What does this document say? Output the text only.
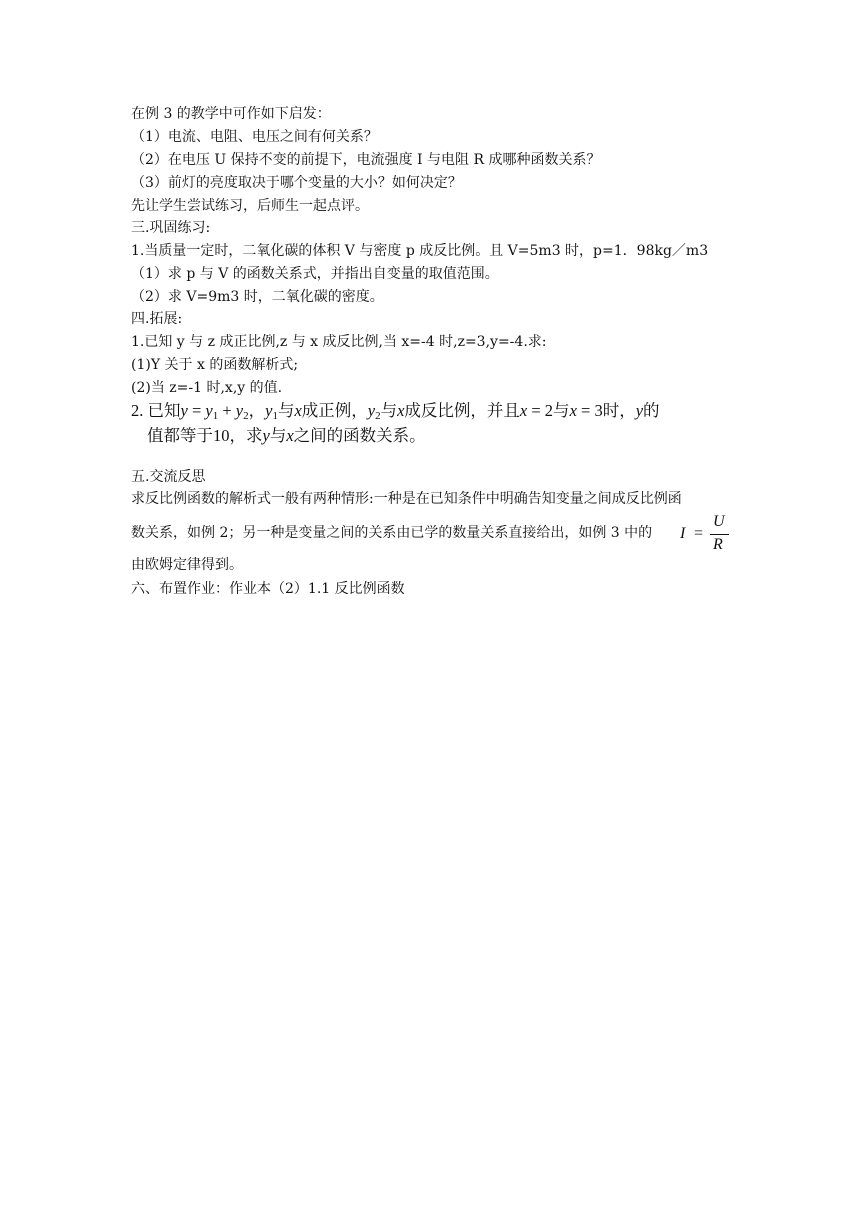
在例 3 的教学中可作如下启发：

（1）电流、电阻、电压之间有何关系？

（2）在电压 U 保持不变的前提下，电流强度 I 与电阻 R 成哪种函数关系？

（3）前灯的亮度取决于哪个变量的大小？如何决定？

先让学生尝试练习，后师生一起点评。

三.巩固练习:

1.当质量一定时，二氧化碳的体积 V 与密度 p 成反比例。且 V=5m3 时，p=1．98kg／m3

（1）求 p 与 V 的函数关系式，并指出自变量的取值范围。

（2）求 V=9m3 时，二氧化碳的密度。

四.拓展:

1.已知 y 与 z 成正比例,z 与 x 成反比例,当 x=-4 时,z=3,y=-4.求:

(1)Y 关于 x 的函数解析式;

(2)当 z=-1 时,x,y 的值.

2. 已知$y = y_1 + y_2$，$y_1$与x成正例，$y_2$与x成反比例，并且x = 2与x = 3时，y的
值都等于10，求y与x之间的函数关系。

五.交流反思

求反比例函数的解析式一般有两种情形:一种是在已知条件中明确告知变量之间成反比例函

数关系，如例 2；另一种是变量之间的关系由已学的数量关系直接给出，如例 3 中的 I =
U
R

由欧姆定律得到。

六、布置作业：作业本（2）1.1 反比例函数
